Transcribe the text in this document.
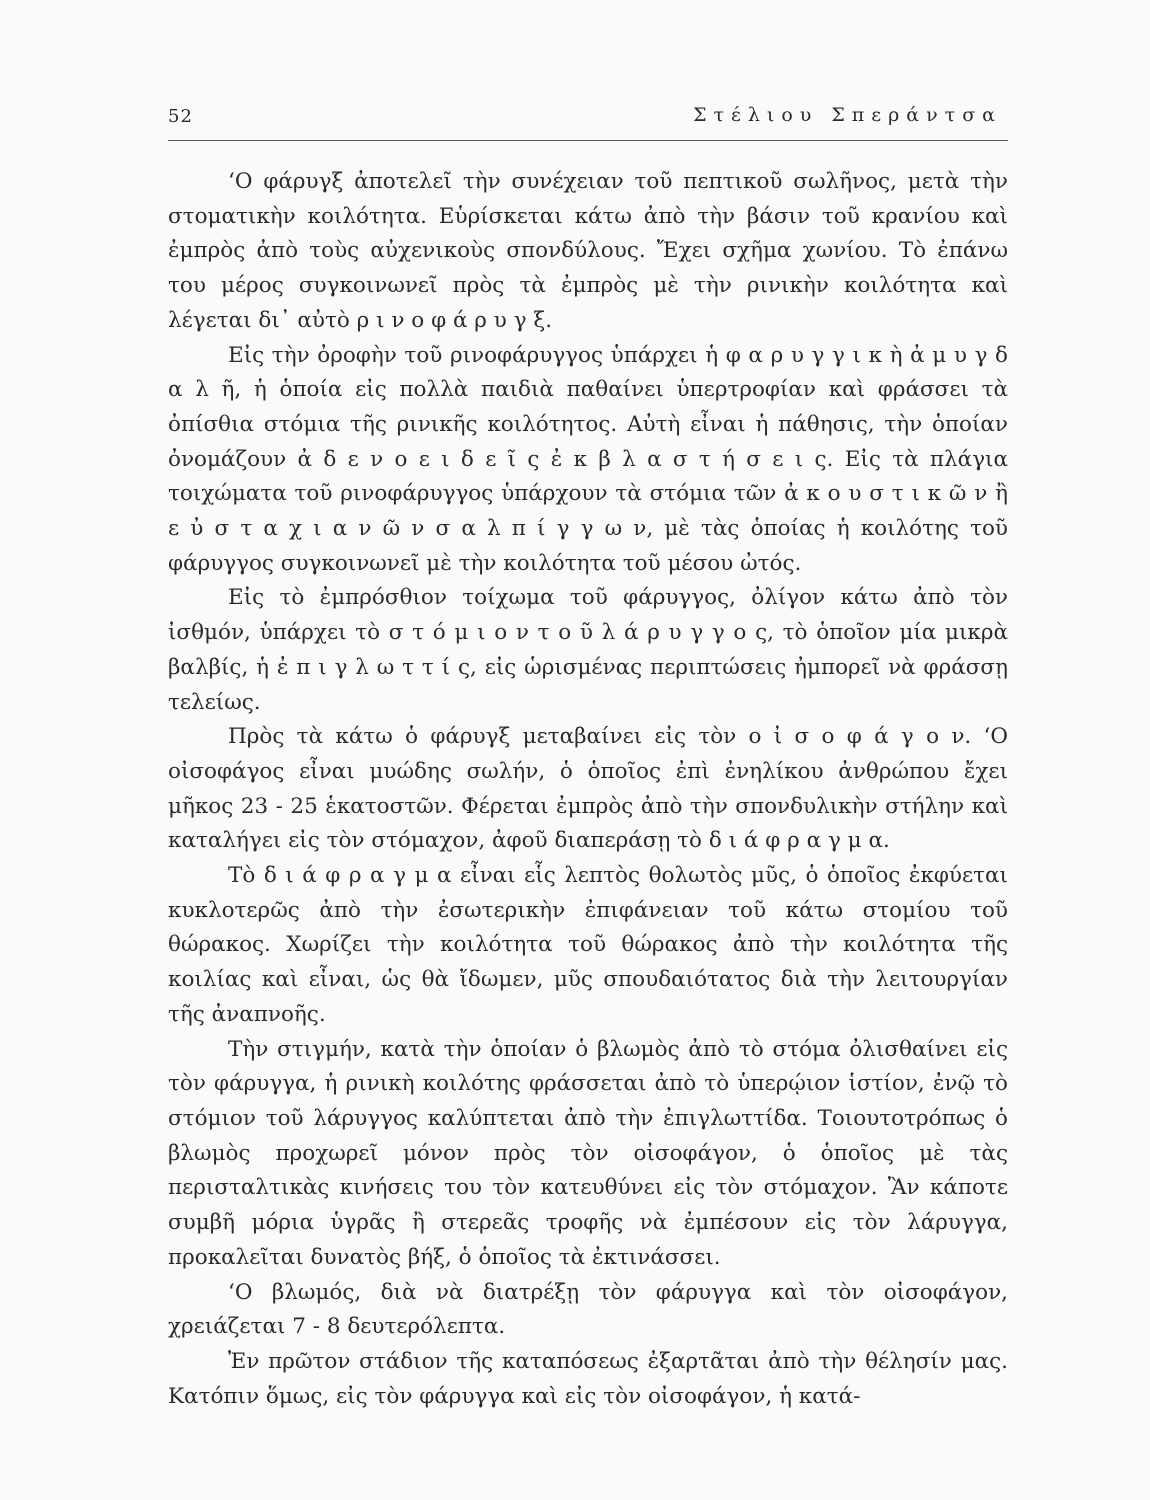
52	Στέλιου Σπεράντσα

‘Ο φάρυγξ ἀποτελεῖ τὴν συνέχειαν τοῦ πεπτικοῦ σωλῆνος, μετὰ τὴν στοματικὴν κοιλότητα. Εὑρίσκεται κάτω ἀπὸ τὴν βάσιν τοῦ κρανίου καὶ ἐμπρὸς ἀπὸ τοὺς αὐχενικοὺς σπονδύλους. Ἔχει σχῆμα χωνίου. Τὸ ἐπάνω του μέρος συγκοινωνεῖ πρὸς τὰ ἐμπρὸς μὲ τὴν ρινικὴν κοιλότητα καὶ λέγεται δι᾽ αὐτὸ ρ ι ν ο φ ά ρ υ γ ξ.

Εἰς τὴν ὀροφὴν τοῦ ρινοφάρυγγος ὑπάρχει ἡ φ α ρ υ γ γ ι κ ὴ ἀ μ υ γ δ α λ ῆ, ἡ ὁποία εἰς πολλὰ παιδιὰ παθαίνει ὑπερτροφίαν καὶ φράσσει τὰ ὀπίσθια στόμια τῆς ρινικῆς κοιλότητος. Αὐτὴ εἶναι ἡ πάθησις, τὴν ὁποίαν ὀνομάζουν ἀ δ ε ν ο ε ι δ ε ῖ ς ἐ κ β λ α σ τ ή σ ε ι ς. Εἰς τὰ πλάγια τοιχώματα τοῦ ρινοφάρυγγος ὑπάρχουν τὰ στόμια τῶν ἀ κ ο υ σ τ ι κ ῶ ν ἢ ε ὐ σ τ α χ ι α ν ῶ ν σ α λ π ί γ γ ω ν, μὲ τὰς ὁποίας ἡ κοιλότης τοῦ φάρυγγος συγκοινωνεῖ μὲ τὴν κοιλότητα τοῦ μέσου ὠτός.

Εἰς τὸ ἐμπρόσθιον τοίχωμα τοῦ φάρυγγος, ὀλίγον κάτω ἀπὸ τὸν ἰσθμόν, ὑπάρχει τὸ σ τ ό μ ι ο ν τ ο ῦ λ ά ρ υ γ γ ο ς, τὸ ὁποῖον μία μικρὰ βαλβίς, ἡ ἐ π ι γ λ ω τ τ ί ς, εἰς ὡρισμένας περιπτώσεις ἠμπορεῖ νὰ φράσσῃ τελείως.

Πρὸς τὰ κάτω ὁ φάρυγξ μεταβαίνει εἰς τὸν ο ἰ σ ο φ ά γ ο ν. ‘Ο οἰσοφάγος εἶναι μυώδης σωλήν, ὁ ὁποῖος ἐπὶ ἐνηλίκου ἀνθρώπου ἔχει μῆκος 23 - 25 ἑκατοστῶν. Φέρεται ἐμπρὸς ἀπὸ τὴν σπονδυλικὴν στήλην καὶ καταλήγει εἰς τὸν στόμαχον, ἀφοῦ διαπεράσῃ τὸ δ ι ά φ ρ α γ μ α.

Τὸ δ ι ά φ ρ α γ μ α εἶναι εἷς λεπτὸς θολωτὸς μῦς, ὁ ὁποῖος ἐκφύεται κυκλοτερῶς ἀπὸ τὴν ἐσωτερικὴν ἐπιφάνειαν τοῦ κάτω στομίου τοῦ θώρακος. Χωρίζει τὴν κοιλότητα τοῦ θώρακος ἀπὸ τὴν κοιλότητα τῆς κοιλίας καὶ εἶναι, ὡς θὰ ἴδωμεν, μῦς σπουδαιότατος διὰ τὴν λειτουργίαν τῆς ἀναπνοῆς.

Τὴν στιγμήν, κατὰ τὴν ὁποίαν ὁ βλωμὸς ἀπὸ τὸ στόμα ὀλισθαίνει εἰς τὸν φάρυγγα, ἡ ρινικὴ κοιλότης φράσσεται ἀπὸ τὸ ὑπερῴιον ἱστίον, ἐνῷ τὸ στόμιον τοῦ λάρυγγος καλύπτεται ἀπὸ τὴν ἐπιγλωττίδα. Τοιουτοτρόπως ὁ βλωμὸς προχωρεῖ μόνον πρὸς τὸν οἰσοφάγον, ὁ ὁποῖος μὲ τὰς περισταλτικὰς κινήσεις του τὸν κατευθύνει εἰς τὸν στόμαχον. Ἂν κάποτε συμβῆ μόρια ὑγρᾶς ἢ στερεᾶς τροφῆς νὰ ἐμπέσουν εἰς τὸν λάρυγγα, προκαλεῖται δυνατὸς βήξ, ὁ ὁποῖος τὰ ἐκτινάσσει.

‘Ο βλωμός, διὰ νὰ διατρέξῃ τὸν φάρυγγα καὶ τὸν οἰσοφάγον, χρειάζεται 7 - 8 δευτερόλεπτα.

Ἐν πρῶτον στάδιον τῆς καταπόσεως ἐξαρτᾶται ἀπὸ τὴν θέλησίν μας. Κατόπιν ὅμως, εἰς τὸν φάρυγγα καὶ εἰς τὸν οἰσοφάγον, ἡ κατά-
